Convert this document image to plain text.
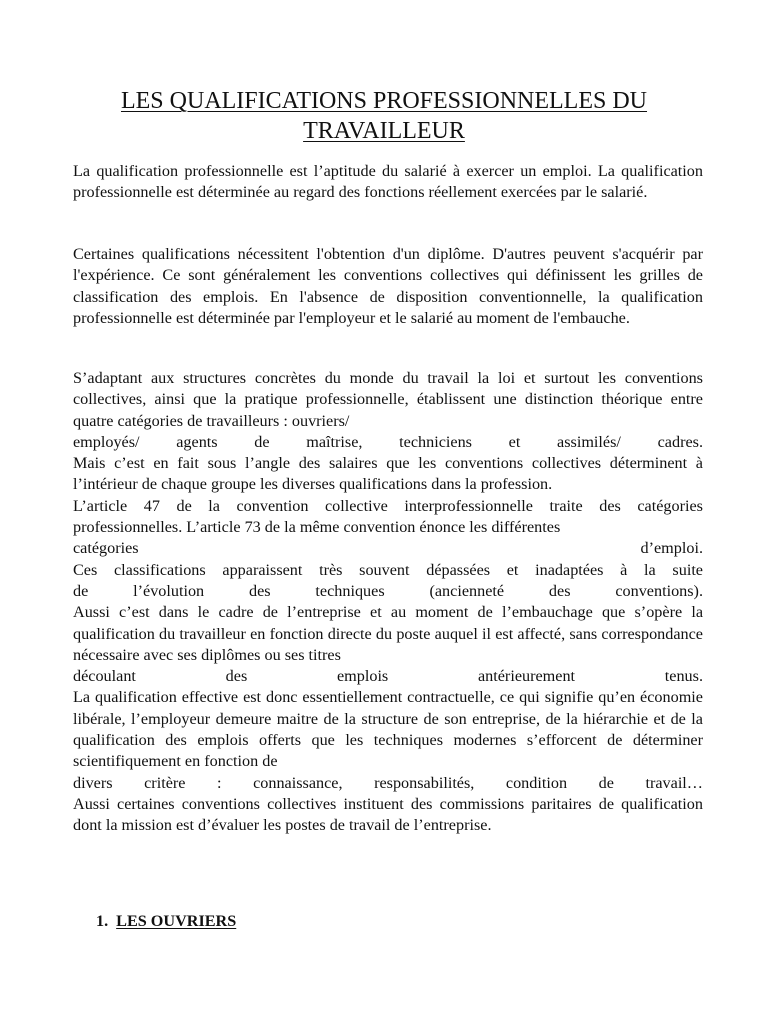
LES QUALIFICATIONS PROFESSIONNELLES DU TRAVAILLEUR

La qualification professionnelle est l’aptitude du salarié à exercer un emploi. La qualification professionnelle est déterminée au regard des fonctions réellement exercées par le salarié.

Certaines qualifications nécessitent l'obtention d'un diplôme. D'autres peuvent s'acquérir par l'expérience. Ce sont généralement les conventions collectives qui définissent les grilles de classification des emplois. En l'absence de disposition conventionnelle, la qualification professionnelle est déterminée par l'employeur et le salarié au moment de l'embauche.

S’adaptant aux structures concrètes du monde du travail la loi et surtout les conventions collectives, ainsi que la pratique professionnelle, établissent une distinction théorique entre quatre catégories de travailleurs : ouvriers/
employés/ agents de maîtrise, techniciens et assimilés/ cadres.
Mais c’est en fait sous l’angle des salaires que les conventions collectives déterminent à l’intérieur de chaque groupe les diverses qualifications dans la profession.
L’article 47 de la convention collective interprofessionnelle traite des catégories professionnelles. L’article 73 de la même convention énonce les différentes
catégories d’emploi.
Ces classifications apparaissent très souvent dépassées et inadaptées à la suite
de l’évolution des techniques (ancienneté des conventions).
Aussi c’est dans le cadre de l’entreprise et au moment de l’embauchage que s’opère la qualification du travailleur en fonction directe du poste auquel il est affecté, sans correspondance nécessaire avec ses diplômes ou ses titres
découlant des emplois antérieurement tenus.
La qualification effective est donc essentiellement contractuelle, ce qui signifie qu’en économie libérale, l’employeur demeure maitre de la structure de son entreprise, de la hiérarchie et de la qualification des emplois offerts que les techniques modernes s’efforcent de déterminer scientifiquement en fonction de
divers critère : connaissance, responsabilités, condition de travail…
Aussi certaines conventions collectives instituent des commissions paritaires de qualification dont la mission est d’évaluer les postes de travail de l’entreprise.
1. LES OUVRIERS
